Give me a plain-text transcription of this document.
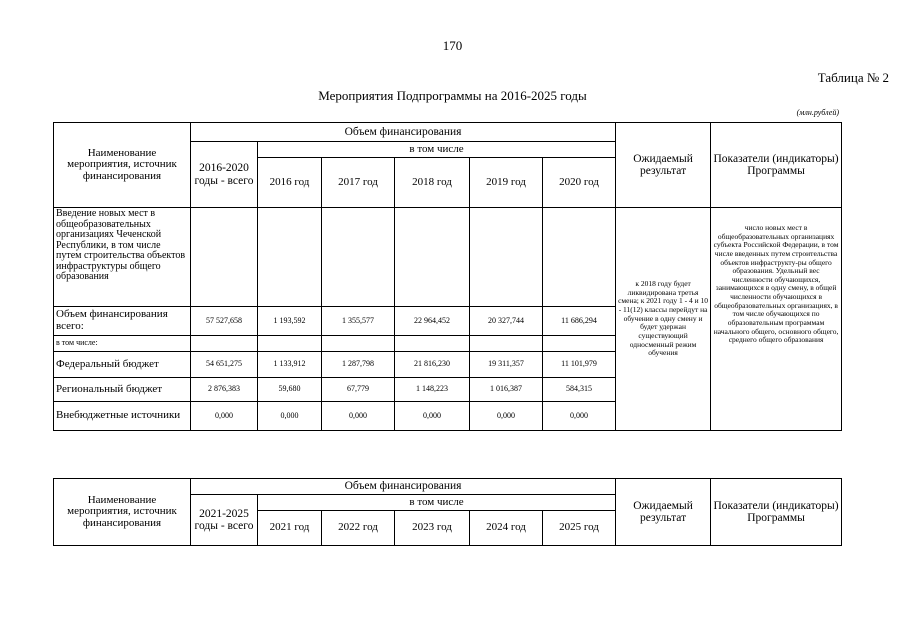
170
Таблица № 2
Мероприятия Подпрограммы на 2016-2025 годы
(млн.рублей)
Наименование мероприятия, источник финансирования	Объем финансирования						Ожидаемый результат	Показатели (индикаторы) Программы
	2016-2020 годы - всего	в том числе						
		2016 год	2017 год	2018 год	2019 год	2020 год		
Введение новых мест в общеобразовательных организациях Чеченской Республики, в том числе путем строительства объектов инфраструктуры общего образования							к 2018 году будет ликвидирована третья смена; к 2021 году 1 - 4 и 10 - 11(12) классы перейдут на обучение в одну смену и будет удержан существующий односменный режим обучения	число новых мест в общеобразовательных организациях субъекта Российской Федерации, в том числе введенных путем строительства объектов инфраструкту-ры общего образования. Удельный вес численности обучающихся, занимающихся в одну смену, в общей численности обучающихся в общеобразовательных организациях, в том числе обучающихся по образовательным программам начального общего, основного общего, среднего общего образования
Объем финансирования всего:	57 527,658	1 193,592	1 355,577	22 964,452	20 327,744	11 686,294		
в том числе:								
Федеральный бюджет	54 651,275	1 133,912	1 287,798	21 816,230	19 311,357	11 101,979		
Региональный бюджет	2 876,383	59,680	67,779	1 148,223	1 016,387	584,315		
Внебюджетные источники	0,000	0,000	0,000	0,000	0,000	0,000		
Наименование мероприятия, источник финансирования	Объем финансирования						Ожидаемый результат	Показатели (индикаторы) Программы
	2021-2025 годы - всего	в том числе						
		2021 год	2022 год	2023 год	2024 год	2025 год		
